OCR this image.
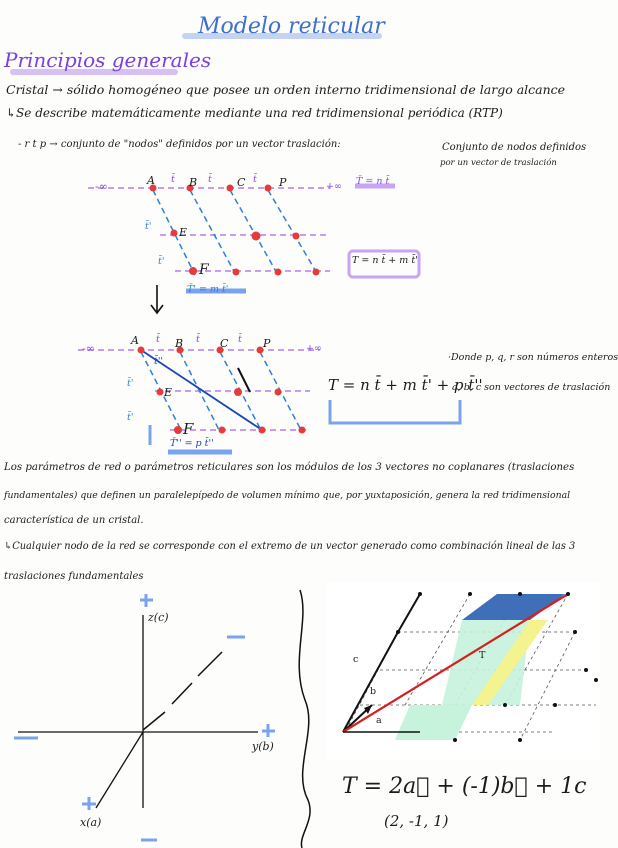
Modelo reticular
Principios generales
Cristal → sólido homogéneo que posee un orden interno tridimensional de largo alcance
↳Se describe matemáticamente mediante una red tridimensional periódica (RTP)
- r t p → conjunto de "nodos" definidos por un vector traslación:	Conjunto de nodos definidos
por un vector de traslación
-∞	A t̄ B t̄ C t̄ P	+∞ T̄ = n t̄
t̄'	E
t̄'
F
T = n t̄ + m t̄'
T̄' = m t̄'
-∞
A t̄ B t̄ C t̄ P	+∞
t̄''
t̄'
E
t̄'
F
T = n t̄ + m t̄' + p t̄''
T̄'' = p t̄''
·Donde p, q, r son números enteros
a, b, c son vectores de traslación
Los parámetros de red o parámetros reticulares son los módulos de los 3 vectores no coplanares (traslaciones
fundamentales) que definen un paralelepípedo de volumen mínimo que, por yuxtaposición, genera la red tridimensional
característica de un cristal.
↳Cualquier nodo de la red se corresponde con el extremo de un vector generado como combinación lineal de las 3
traslaciones fundamentales
z(c)
y(b)
x(a)
c
b
a
T
T = 2a⃗ + (-1)b⃗ + 1c
(2, -1, 1)
